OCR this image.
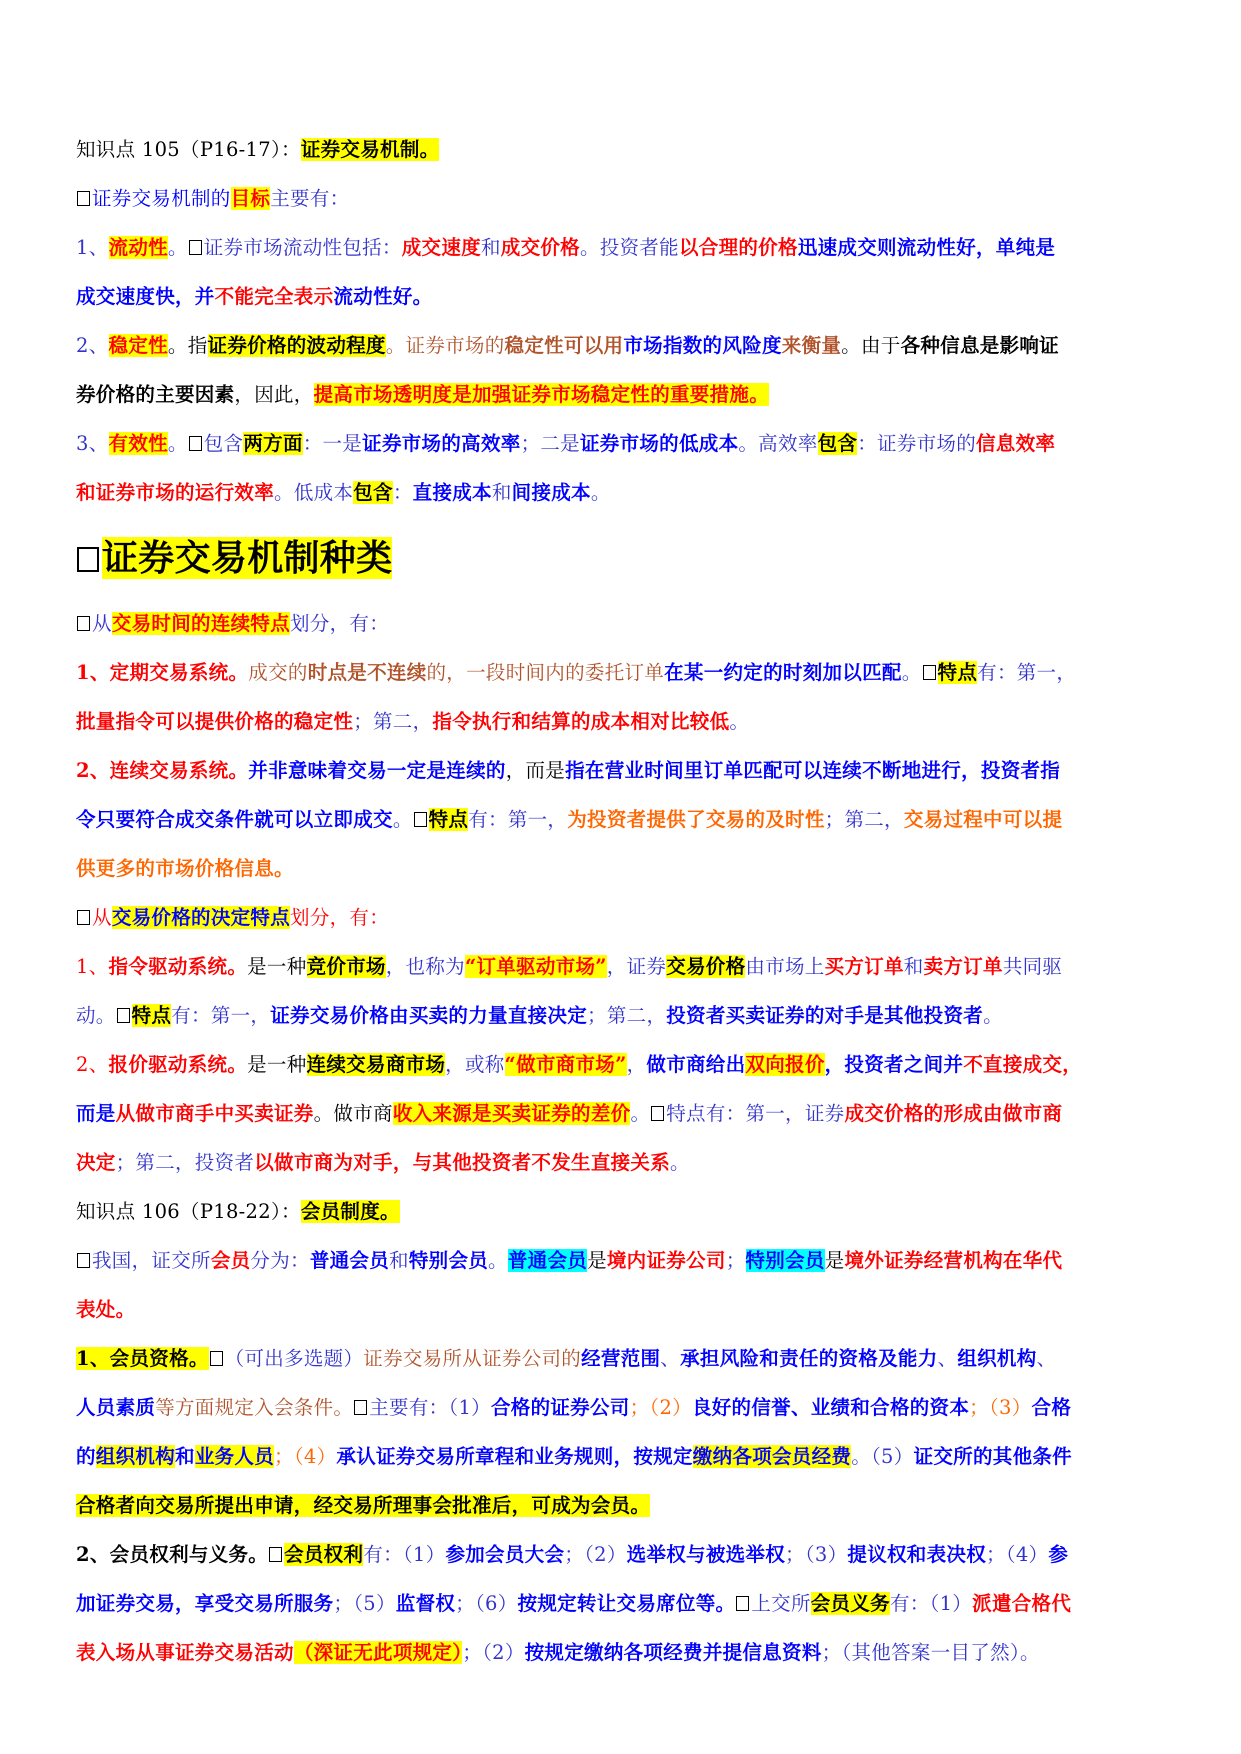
知识点 105（P16-17）：证券交易机制。
证券交易机制的目标主要有：
1、流动性。 证券市场流动性包括：成交速度和成交价格。投资者能以合理的价格迅速成交则流动性好，单纯是
成交速度快，并不能完全表示流动性好。
2、稳定性。指证券价格的波动程度。证券市场的稳定性可以用市场指数的风险度来衡量。由于各种信息是影响证
券价格的主要因素，因此，提高市场透明度是加强证券市场稳定性的重要措施。
3、有效性。 包含两方面：一是证券市场的高效率；二是证券市场的低成本。高效率包含：证券市场的信息效率
和证券市场的运行效率。低成本包含：直接成本和间接成本。
证券交易机制种类
从交易时间的连续特点划分，有：
1、定期交易系统。成交的时点是不连续的，一段时间内的委托订单在某一约定的时刻加以匹配。 特点有：第一，
批量指令可以提供价格的稳定性；第二，指令执行和结算的成本相对比较低。
2、连续交易系统。并非意味着交易一定是连续的，而是指在营业时间里订单匹配可以连续不断地进行，投资者指
令只要符合成交条件就可以立即成交。 特点有：第一，为投资者提供了交易的及时性；第二，交易过程中可以提
供更多的市场价格信息。
从交易价格的决定特点划分，有：
1、指令驱动系统。是一种竞价市场，也称为“订单驱动市场”，证券交易价格由市场上买方订单和卖方订单共同驱
动。 特点有：第一，证券交易价格由买卖的力量直接决定；第二，投资者买卖证券的对手是其他投资者。
2、报价驱动系统。是一种连续交易商市场，或称“做市商市场”，做市商给出双向报价，投资者之间并不直接成交，
而是从做市商手中买卖证券。做市商收入来源是买卖证券的差价。 特点有：第一，证券成交价格的形成由做市商
决定；第二，投资者以做市商为对手，与其他投资者不发生直接关系。
知识点 106（P18-22）：会员制度。
我国，证交所会员分为：普通会员和特别会员。普通会员是境内证券公司；特别会员是境外证券经营机构在华代
表处。
1、会员资格。 （可出多选题）证券交易所从证券公司的经营范围、承担风险和责任的资格及能力、组织机构、
人员素质等方面规定入会条件。 主要有：（1）合格的证券公司；（2）良好的信誉、业绩和合格的资本；（3）合格
的组织机构和业务人员；（4）承认证券交易所章程和业务规则，按规定缴纳各项会员经费。（5）证交所的其他条件
合格者向交易所提出申请，经交易所理事会批准后，可成为会员。
2、会员权利与义务。 会员权利有：（1）参加会员大会；（2）选举权与被选举权；（3）提议权和表决权；（4）参
加证券交易，享受交易所服务；（5）监督权；（6）按规定转让交易席位等。 上交所会员义务有：（1）派遣合格代
表入场从事证券交易活动（深证无此项规定）；（2）按规定缴纳各项经费并提信息资料；（其他答案一目了然）。
